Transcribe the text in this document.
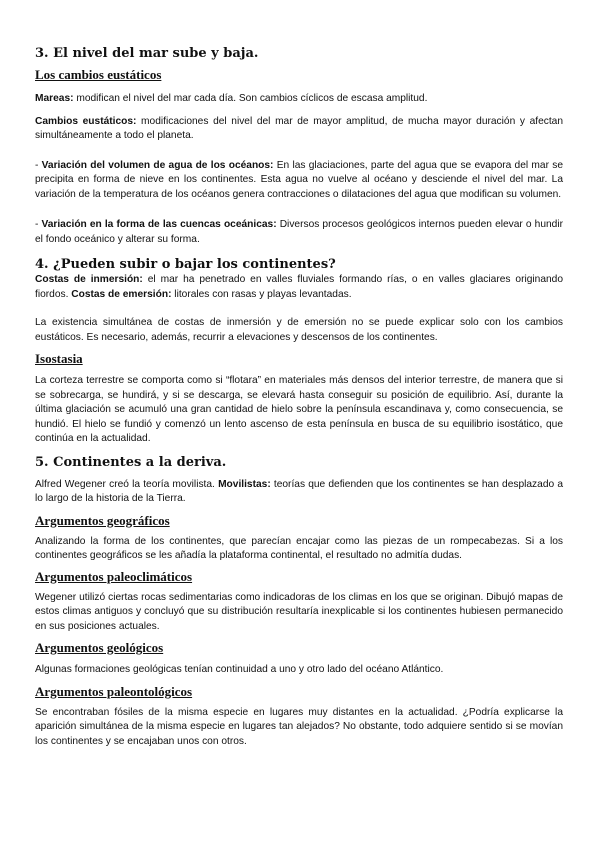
3. El nivel del mar sube y baja.
Los cambios eustáticos

Mareas: modifican el nivel del mar cada día. Son cambios cíclicos de escasa amplitud.

Cambios eustáticos: modificaciones del nivel del mar de mayor amplitud, de mucha mayor duración y afectan simultáneamente a todo el planeta.

- Variación del volumen de agua de los océanos: En las glaciaciones, parte del agua que se evapora del mar se precipita en forma de nieve en los continentes. Esta agua no vuelve al océano y desciende el nivel del mar. La variación de la temperatura de los océanos genera contracciones o dilataciones del agua que modifican su volumen.

- Variación en la forma de las cuencas oceánicas: Diversos procesos geológicos internos pueden elevar o hundir el fondo oceánico y alterar su forma.

4. ¿Pueden subir o bajar los continentes?

Costas de inmersión: el mar ha penetrado en valles fluviales formando rías, o en valles glaciares originando fiordos. Costas de emersión: litorales con rasas y playas levantadas.

La existencia simultánea de costas de inmersión y de emersión no se puede explicar solo con los cambios eustáticos. Es necesario, además, recurrir a elevaciones y descensos de los continentes.

Isostasia

La corteza terrestre se comporta como si “flotara” en materiales más densos del interior terrestre, de manera que si se sobrecarga, se hundirá, y si se descarga, se elevará hasta conseguir su posición de equilibrio. Así, durante la última glaciación se acumuló una gran cantidad de hielo sobre la península escandinava y, como consecuencia, se hundió. El hielo se fundió y comenzó un lento ascenso de esta península en busca de su equilibrio isostático, que continúa en la actualidad.

5. Continentes a la deriva.

Alfred Wegener creó la teoría movilista. Movilistas: teorías que defienden que los continentes se han desplazado a lo largo de la historia de la Tierra.

Argumentos geográficos

Analizando la forma de los continentes, que parecían encajar como las piezas de un rompecabezas. Si a los continentes geográficos se les añadía la plataforma continental, el resultado no admitía dudas.

Argumentos paleoclimáticos

Wegener utilizó ciertas rocas sedimentarias como indicadoras de los climas en los que se originan. Dibujó mapas de estos climas antiguos y concluyó que su distribución resultaría inexplicable si los continentes hubiesen permanecido en sus posiciones actuales.

Argumentos geológicos

Algunas formaciones geológicas tenían continuidad a uno y otro lado del océano Atlántico.

Argumentos paleontológicos

Se encontraban fósiles de la misma especie en lugares muy distantes en la actualidad. ¿Podría explicarse la aparición simultánea de la misma especie en lugares tan alejados? No obstante, todo adquiere sentido si se movían los continentes y se encajaban unos con otros.
